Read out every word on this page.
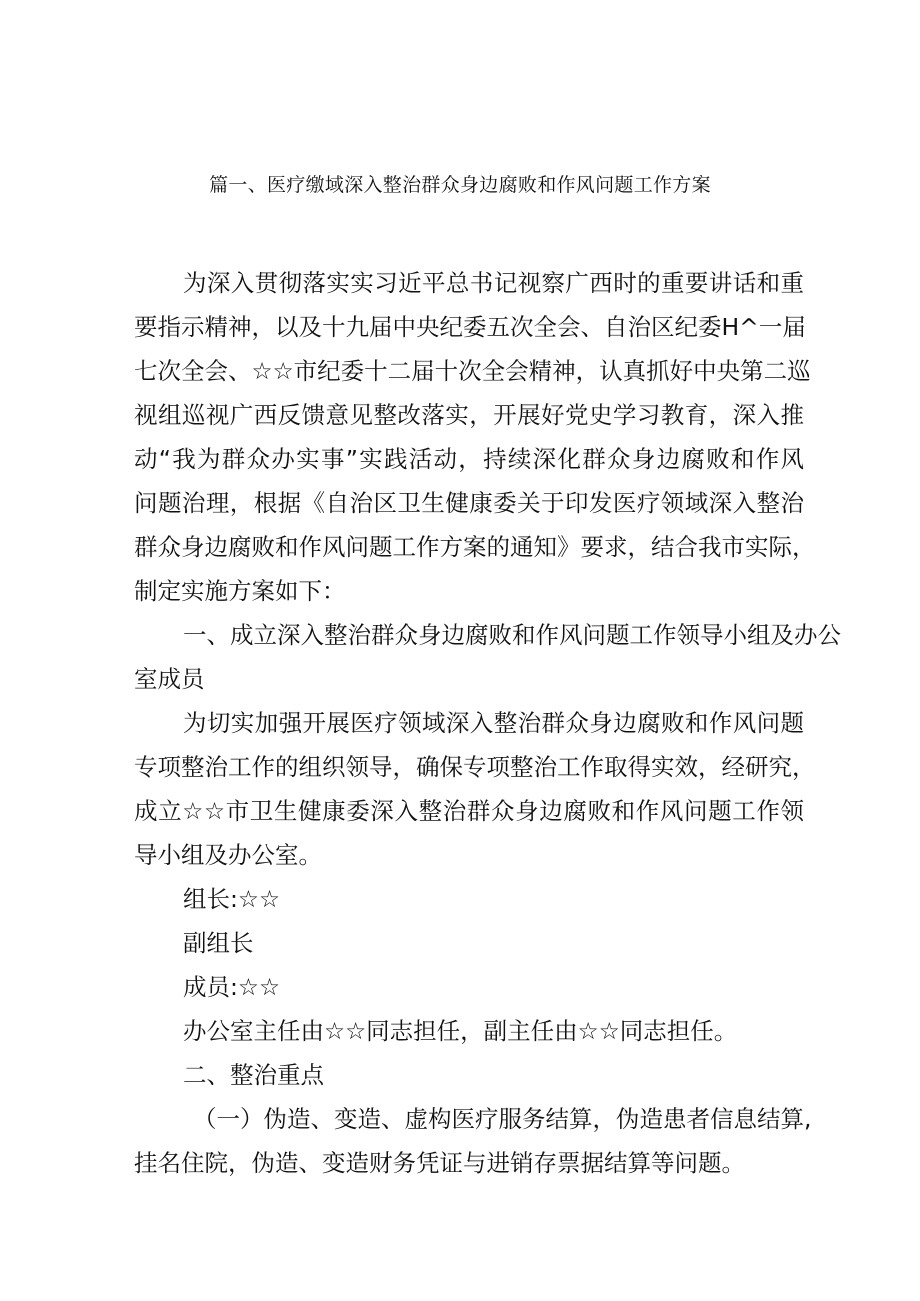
篇一、医疗缴域深入整治群众身边腐败和作风问题工作方案
为深入贯彻落实实习近平总书记视察广西时的重要讲话和重
要指示精神，以及十九届中央纪委五次全会、自治区纪委H^一届
七次全会、☆☆市纪委十二届十次全会精神，认真抓好中央第二巡
视组巡视广西反馈意见整改落实，开展好党史学习教育，深入推
动“我为群众办实事”实践活动，持续深化群众身边腐败和作风
问题治理，根据《自治区卫生健康委关于印发医疗领域深入整治
群众身边腐败和作风问题工作方案的通知》要求，结合我市实际，
制定实施方案如下：
一、成立深入整治群众身边腐败和作风问题工作领导小组及办公
室成员
为切实加强开展医疗领域深入整治群众身边腐败和作风问题
专项整治工作的组织领导，确保专项整治工作取得实效，经研究，
成立☆☆市卫生健康委深入整治群众身边腐败和作风问题工作领
导小组及办公室。
组长:☆☆
副组长
成员:☆☆
办公室主任由☆☆同志担任，副主任由☆☆同志担任。
二、整治重点
（一）伪造、变造、虚构医疗服务结算，伪造患者信息结算,
挂名住院，伪造、变造财务凭证与进销存票据结算等问题。
